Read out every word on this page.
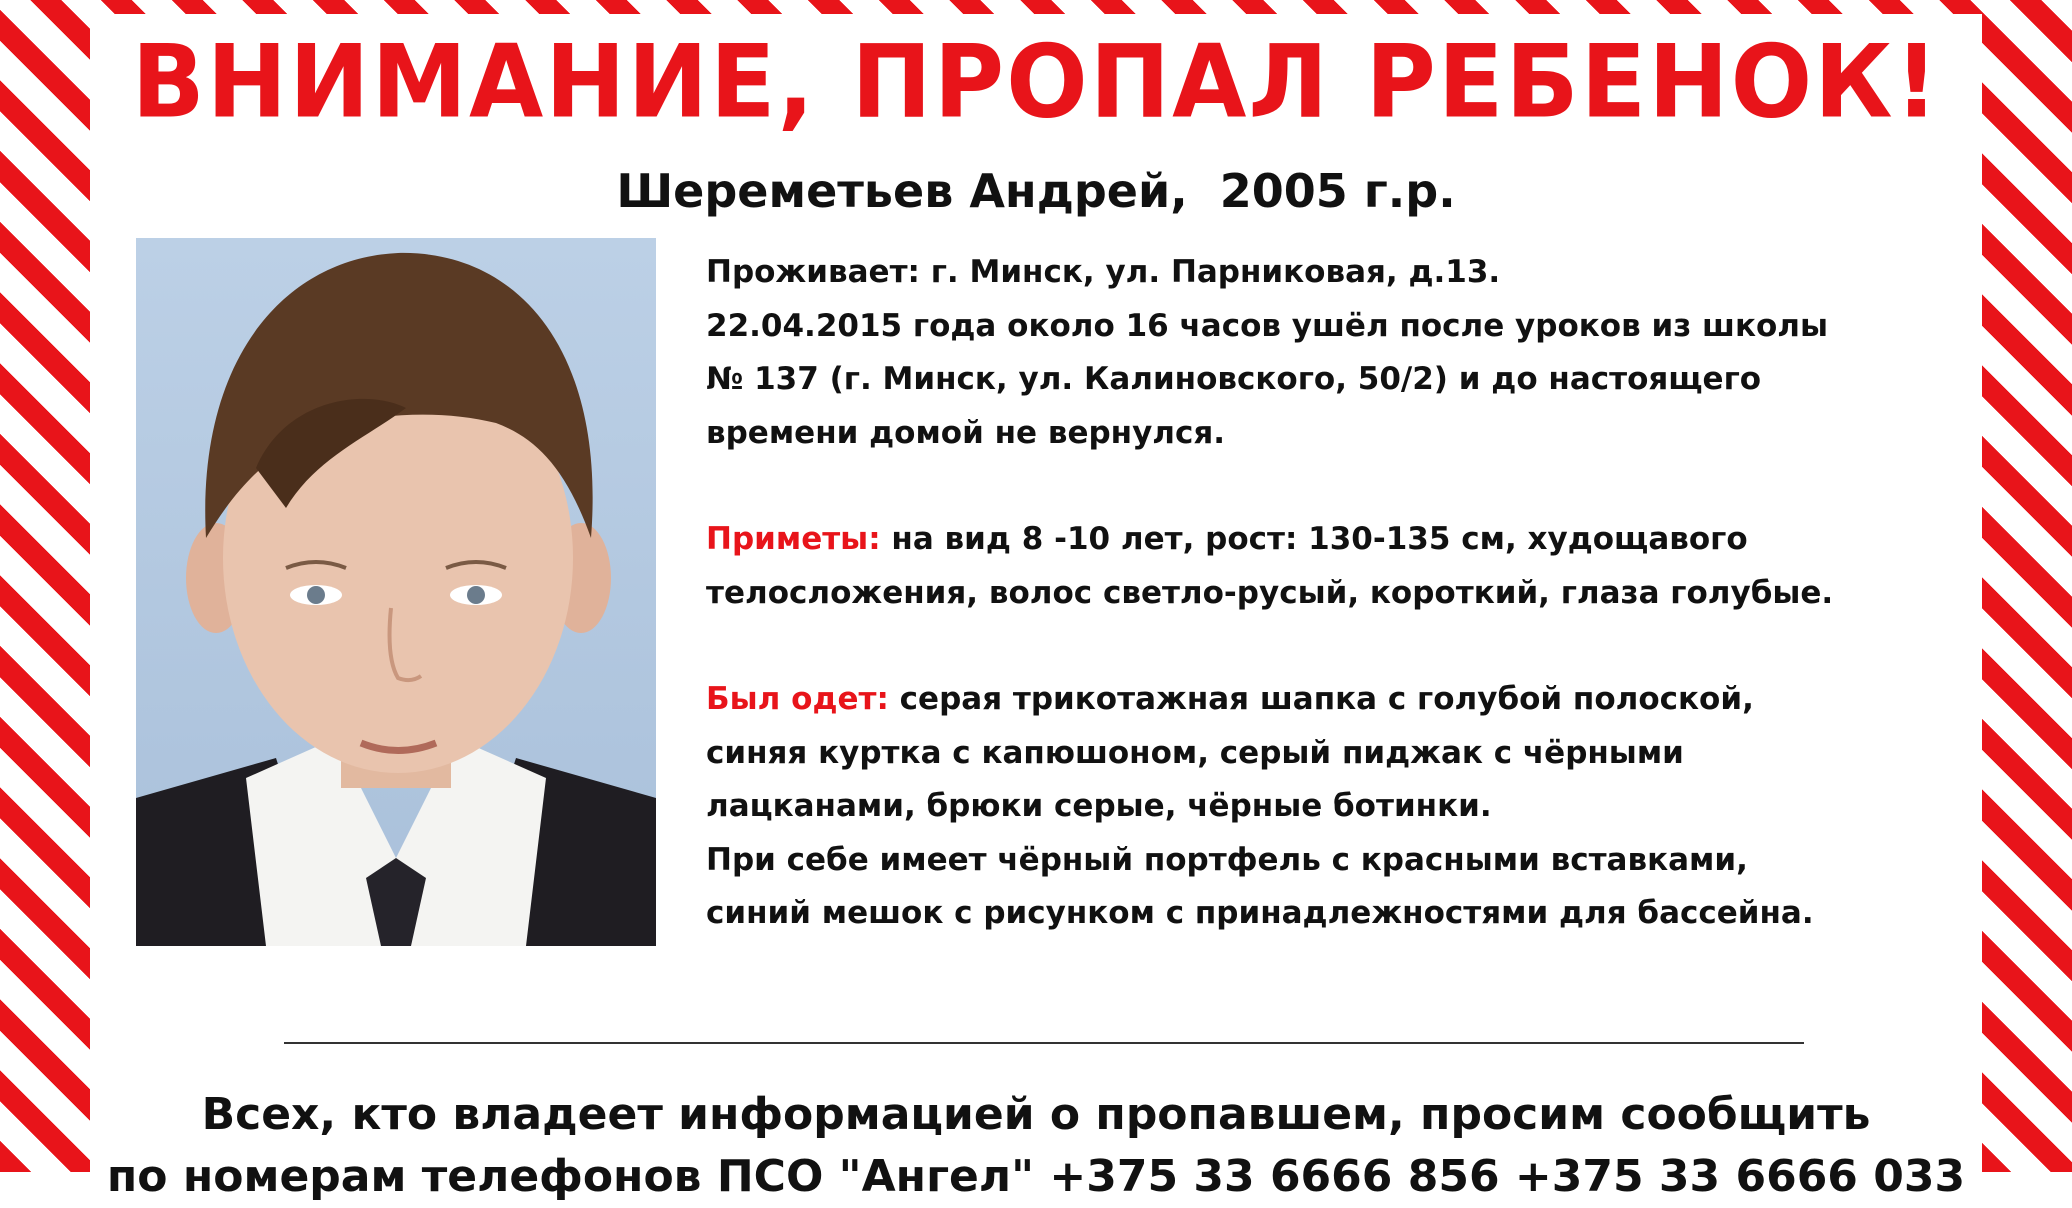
ВНИМАНИЕ, ПРОПАЛ РЕБЕНОК!
Шереметьев Андрей,  2005 г.р.

Проживает: г. Минск, ул. Парниковая, д.13.

22.04.2015 года около 16 часов ушёл после уроков из школы

№ 137 (г. Минск, ул. Калиновского, 50/2) и до настоящего

времени домой не вернулся.

Приметы: на вид 8 -10 лет, рост: 130-135 см, худощавого

телосложения, волос светло-русый, короткий, глаза голубые.

Был одет: серая трикотажная шапка с голубой полоской,

синяя куртка с капюшоном, серый пиджак с чёрными

лацканами, брюки серые, чёрные ботинки.

При себе имеет чёрный портфель с красными вставками,

синий мешок с рисунком с принадлежностями для бассейна.

Всех, кто владеет информацией о пропавшем, просим сообщить
по номерам телефонов ПСО "Ангел" +375 33 6666 856 +375 33 6666 033
